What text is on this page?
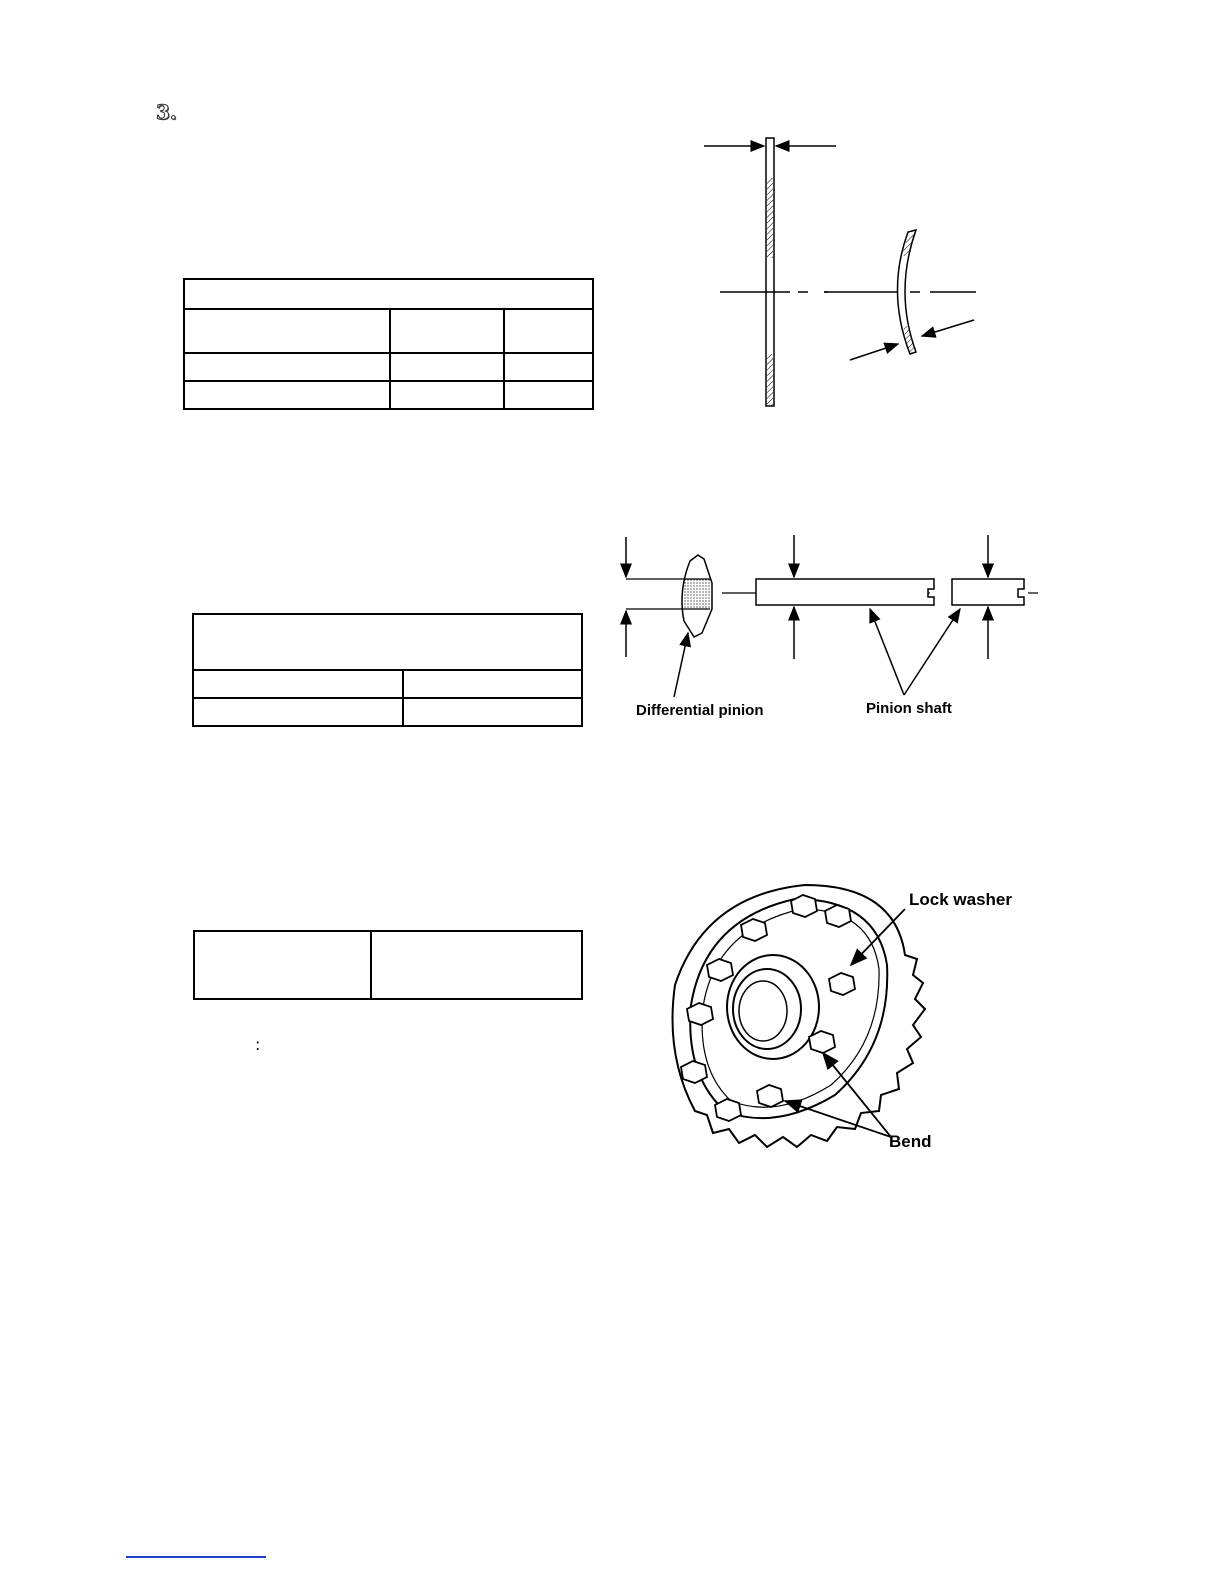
3.

:
Differential pinion	Pinion shaft
Lock washer
Bend
